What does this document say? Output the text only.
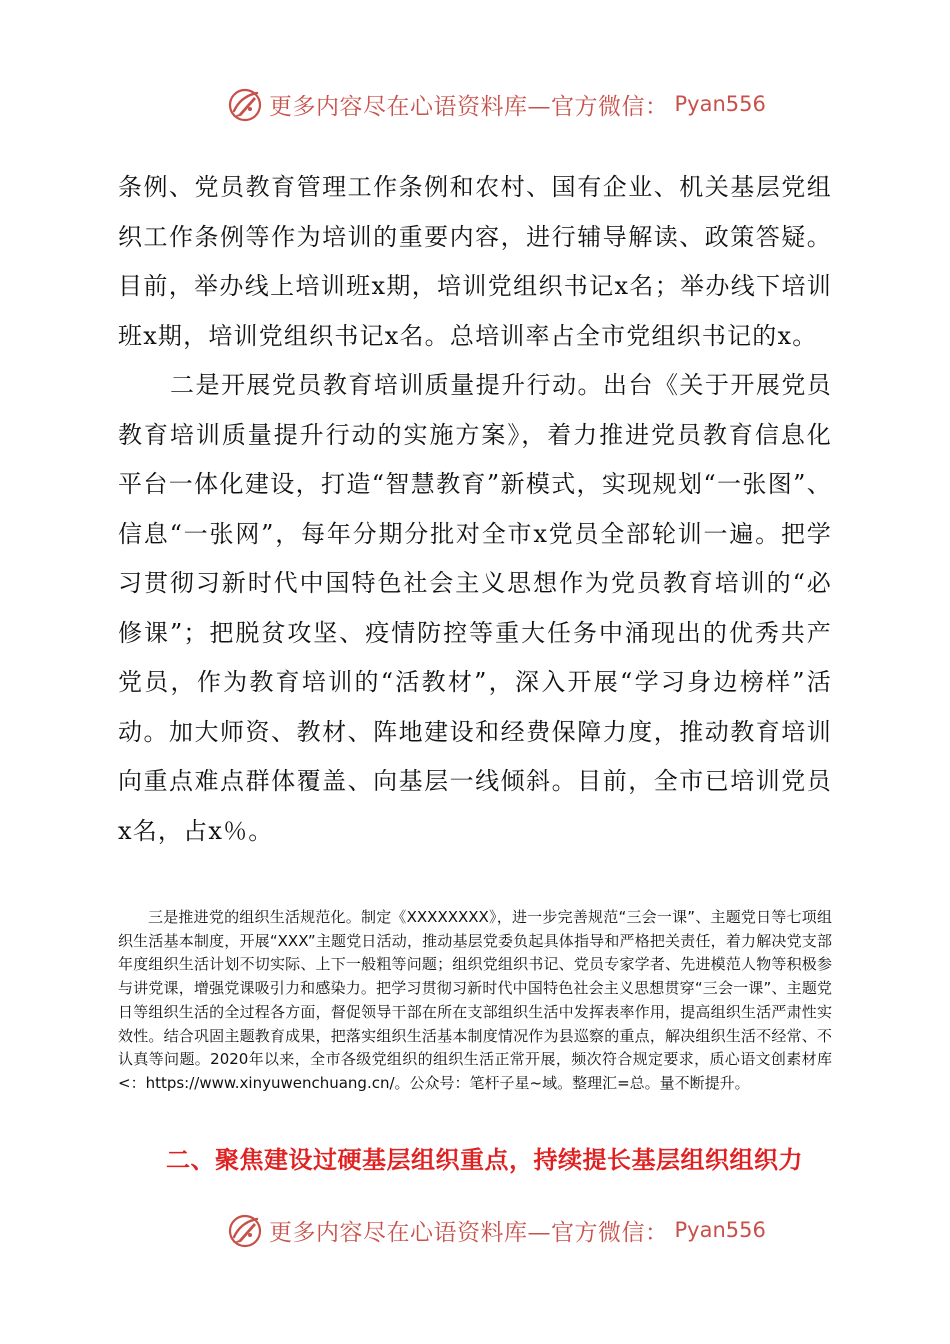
更多内容尽在心语资料库—官方微信： Pyan556

条例、党员教育管理工作条例和农村、国有企业、机关基层党组织工作条例等作为培训的重要内容，进行辅导解读、政策答疑。目前，举办线上培训班x期，培训党组织书记x名；举办线下培训班x期，培训党组织书记x名。总培训率占全市党组织书记的x。

二是开展党员教育培训质量提升行动。出台《关于开展党员教育培训质量提升行动的实施方案》，着力推进党员教育信息化平台一体化建设，打造“智慧教育”新模式，实现规划“一张图”、信息“一张网”，每年分期分批对全市x党员全部轮训一遍。把学习贯彻习新时代中国特色社会主义思想作为党员教育培训的“必修课”；把脱贫攻坚、疫情防控等重大任务中涌现出的优秀共产党员，作为教育培训的“活教材”，深入开展“学习身边榜样”活动。加大师资、教材、阵地建设和经费保障力度，推动教育培训向重点难点群体覆盖、向基层一线倾斜。目前，全市已培训党员x名，占x％。

三是推进党的组织生活规范化。制定《XXXXXXXX》，进一步完善规范“三会一课”、主题党日等七项组织生活基本制度，开展“XXX”主题党日活动，推动基层党委负起具体指导和严格把关责任，着力解决党支部年度组织生活计划不切实际、上下一般粗等问题；组织党组织书记、党员专家学者、先进模范人物等积极参与讲党课，增强党课吸引力和感染力。把学习贯彻习新时代中国特色社会主义思想贯穿“三会一课”、主题党日等组织生活的全过程各方面，督促领导干部在所在支部组织生活中发挥表率作用，提高组织生活严肃性实效性。结合巩固主题教育成果，把落实组织生活基本制度情况作为县巡察的重点，解决组织生活不经常、不认真等问题。2020年以来，全市各级党组织的组织生活正常开展，频次符合规定要求，质心语文创素材库<：https://www.xinyuwenchuang.cn/。公众号：笔杆子星~域。整理汇=总。量不断提升。

二、聚焦建设过硬基层组织重点，持续提长基层组织组织力
更多内容尽在心语资料库—官方微信： Pyan556
